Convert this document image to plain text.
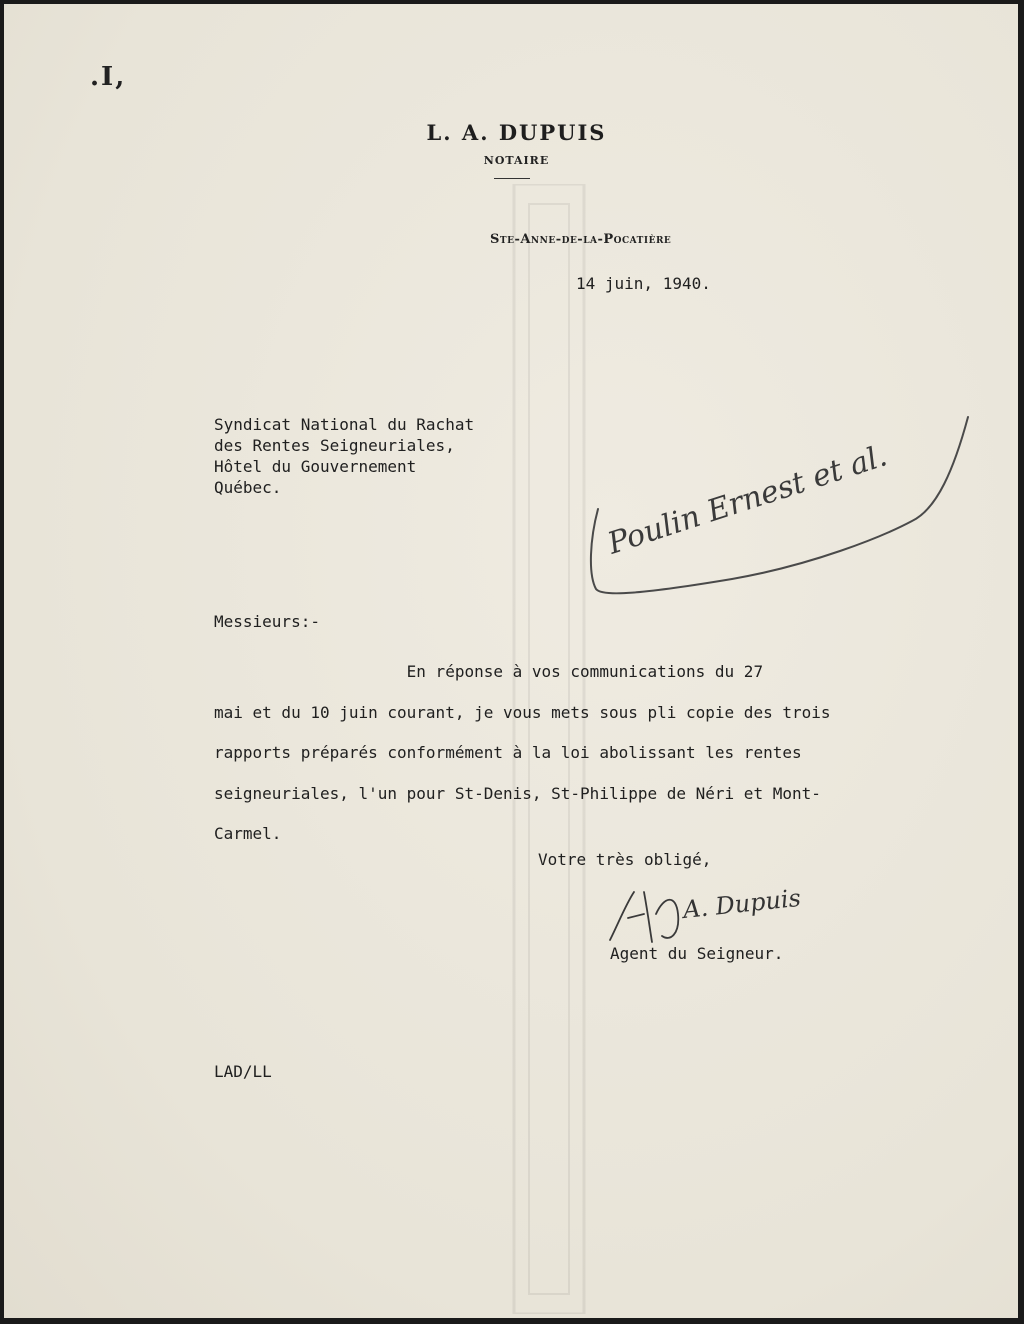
.I,
L. A. DUPUIS
NOTAIRE
Ste-Anne-de-la-Pocatière
14 juin, 1940.
Syndicat National du Rachat
des Rentes Seigneuriales,
Hôtel du Gouvernement
Québec.	Poulin Ernest et al.
Messieurs:-
En réponse à vos communications du 27
mai et du 10 juin courant, je vous mets sous pli copie des trois
rapports préparés conformément à la loi abolissant les rentes
seigneuriales, l'un pour St-Denis, St-Philippe de Néri et Mont-
Carmel.
Votre très obligé,
A. Dupuis
Agent du Seigneur.
LAD/LL
